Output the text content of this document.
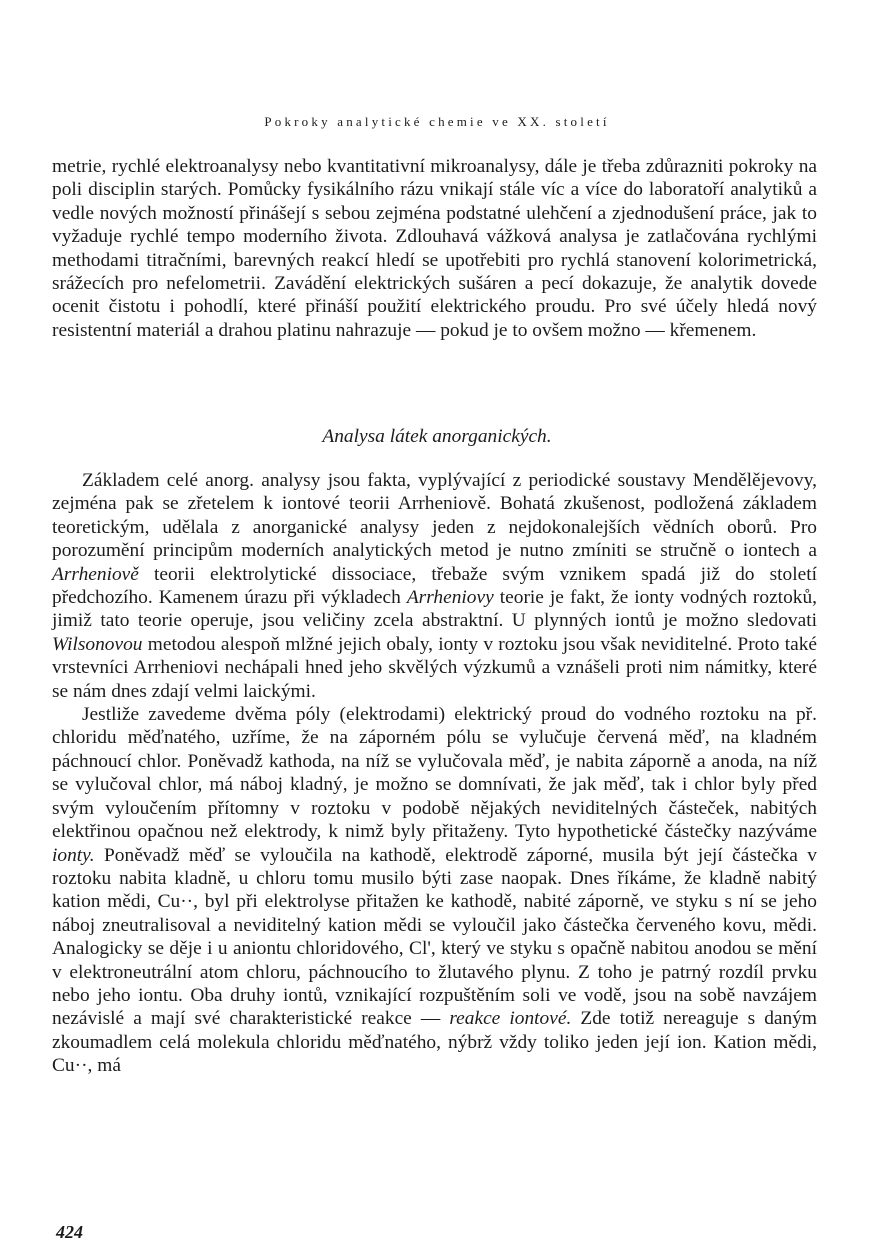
Pokroky analytické chemie ve XX. století

metrie, rychlé elektroanalysy nebo kvantitativní mikroanalysy, dále je třeba zdůrazniti pokroky na poli disciplin starých. Pomůcky fysikálního rázu vnikají stále víc a více do laboratoří analytiků a vedle nových možností přinášejí s sebou zejména podstatné ulehčení a zjednodušení práce, jak to vyžaduje rychlé tempo moderního života. Zdlouhavá vážková analysa je zatlačována rychlými methodami titračními, barevných reakcí hledí se upotřebiti pro rychlá stanovení kolorimetrická, srážecích pro nefelometrii. Zavádění elektrických sušáren a pecí dokazuje, že analytik dovede ocenit čistotu i pohodlí, které přináší použití elektrického proudu. Pro své účely hledá nový resistentní materiál a drahou platinu nahrazuje — pokud je to ovšem možno — křemenem.

Analysa látek anorganických.

Základem celé anorg. analysy jsou fakta, vyplývající z periodické soustavy Mendělějevovy, zejména pak se zřetelem k iontové teorii Arrheniově. Bohatá zkušenost, podložená základem teoretickým, udělala z anorganické analysy jeden z nejdokonalejších vědních oborů. Pro porozumění principům moderních analytických metod je nutno zmíniti se stručně o iontech a Arrheniově teorii elektrolytické dissociace, třebaže svým vznikem spadá již do století předchozího. Kamenem úrazu při výkladech Arrheniovy teorie je fakt, že ionty vodných roztoků, jimiž tato teorie operuje, jsou veličiny zcela abstraktní. U plynných iontů je možno sledovati Wilsonovou metodou alespoň mlžné jejich obaly, ionty v roztoku jsou však neviditelné. Proto také vrstevníci Arrheniovi nechápali hned jeho skvělých výzkumů a vznášeli proti nim námitky, které se nám dnes zdají velmi laickými.

Jestliže zavedeme dvěma póly (elektrodami) elektrický proud do vodného roztoku na př. chloridu měďnatého, uzříme, že na záporném pólu se vylučuje červená měď, na kladném páchnoucí chlor. Poněvadž kathoda, na níž se vylučovala měď, je nabita záporně a anoda, na níž se vylučoval chlor, má náboj kladný, je možno se domnívati, že jak měď, tak i chlor byly před svým vyloučením přítomny v roztoku v podobě nějakých neviditelných částeček, nabitých elektřinou opačnou než elektrody, k nimž byly přitaženy. Tyto hypothetické částečky nazýváme ionty. Poněvadž měď se vyloučila na kathodě, elektrodě záporné, musila být její částečka v roztoku nabita kladně, u chloru tomu musilo býti zase naopak. Dnes říkáme, že kladně nabitý kation mědi, Cu··, byl při elektrolyse přitažen ke kathodě, nabité záporně, ve styku s ní se jeho náboj zneutralisoval a neviditelný kation mědi se vyloučil jako částečka červeného kovu, mědi. Analogicky se děje i u aniontu chloridového, Cl', který ve styku s opačně nabitou anodou se mění v elektroneutrální atom chloru, páchnoucího to žlutavého plynu. Z toho je patrný rozdíl prvku nebo jeho iontu. Oba druhy iontů, vznikající rozpuštěním soli ve vodě, jsou na sobě navzájem nezávislé a mají své charakteristické reakce — reakce iontové. Zde totiž nereaguje s daným zkoumadlem celá molekula chloridu měďnatého, nýbrž vždy toliko jeden její ion. Kation mědi, Cu··, má

424
